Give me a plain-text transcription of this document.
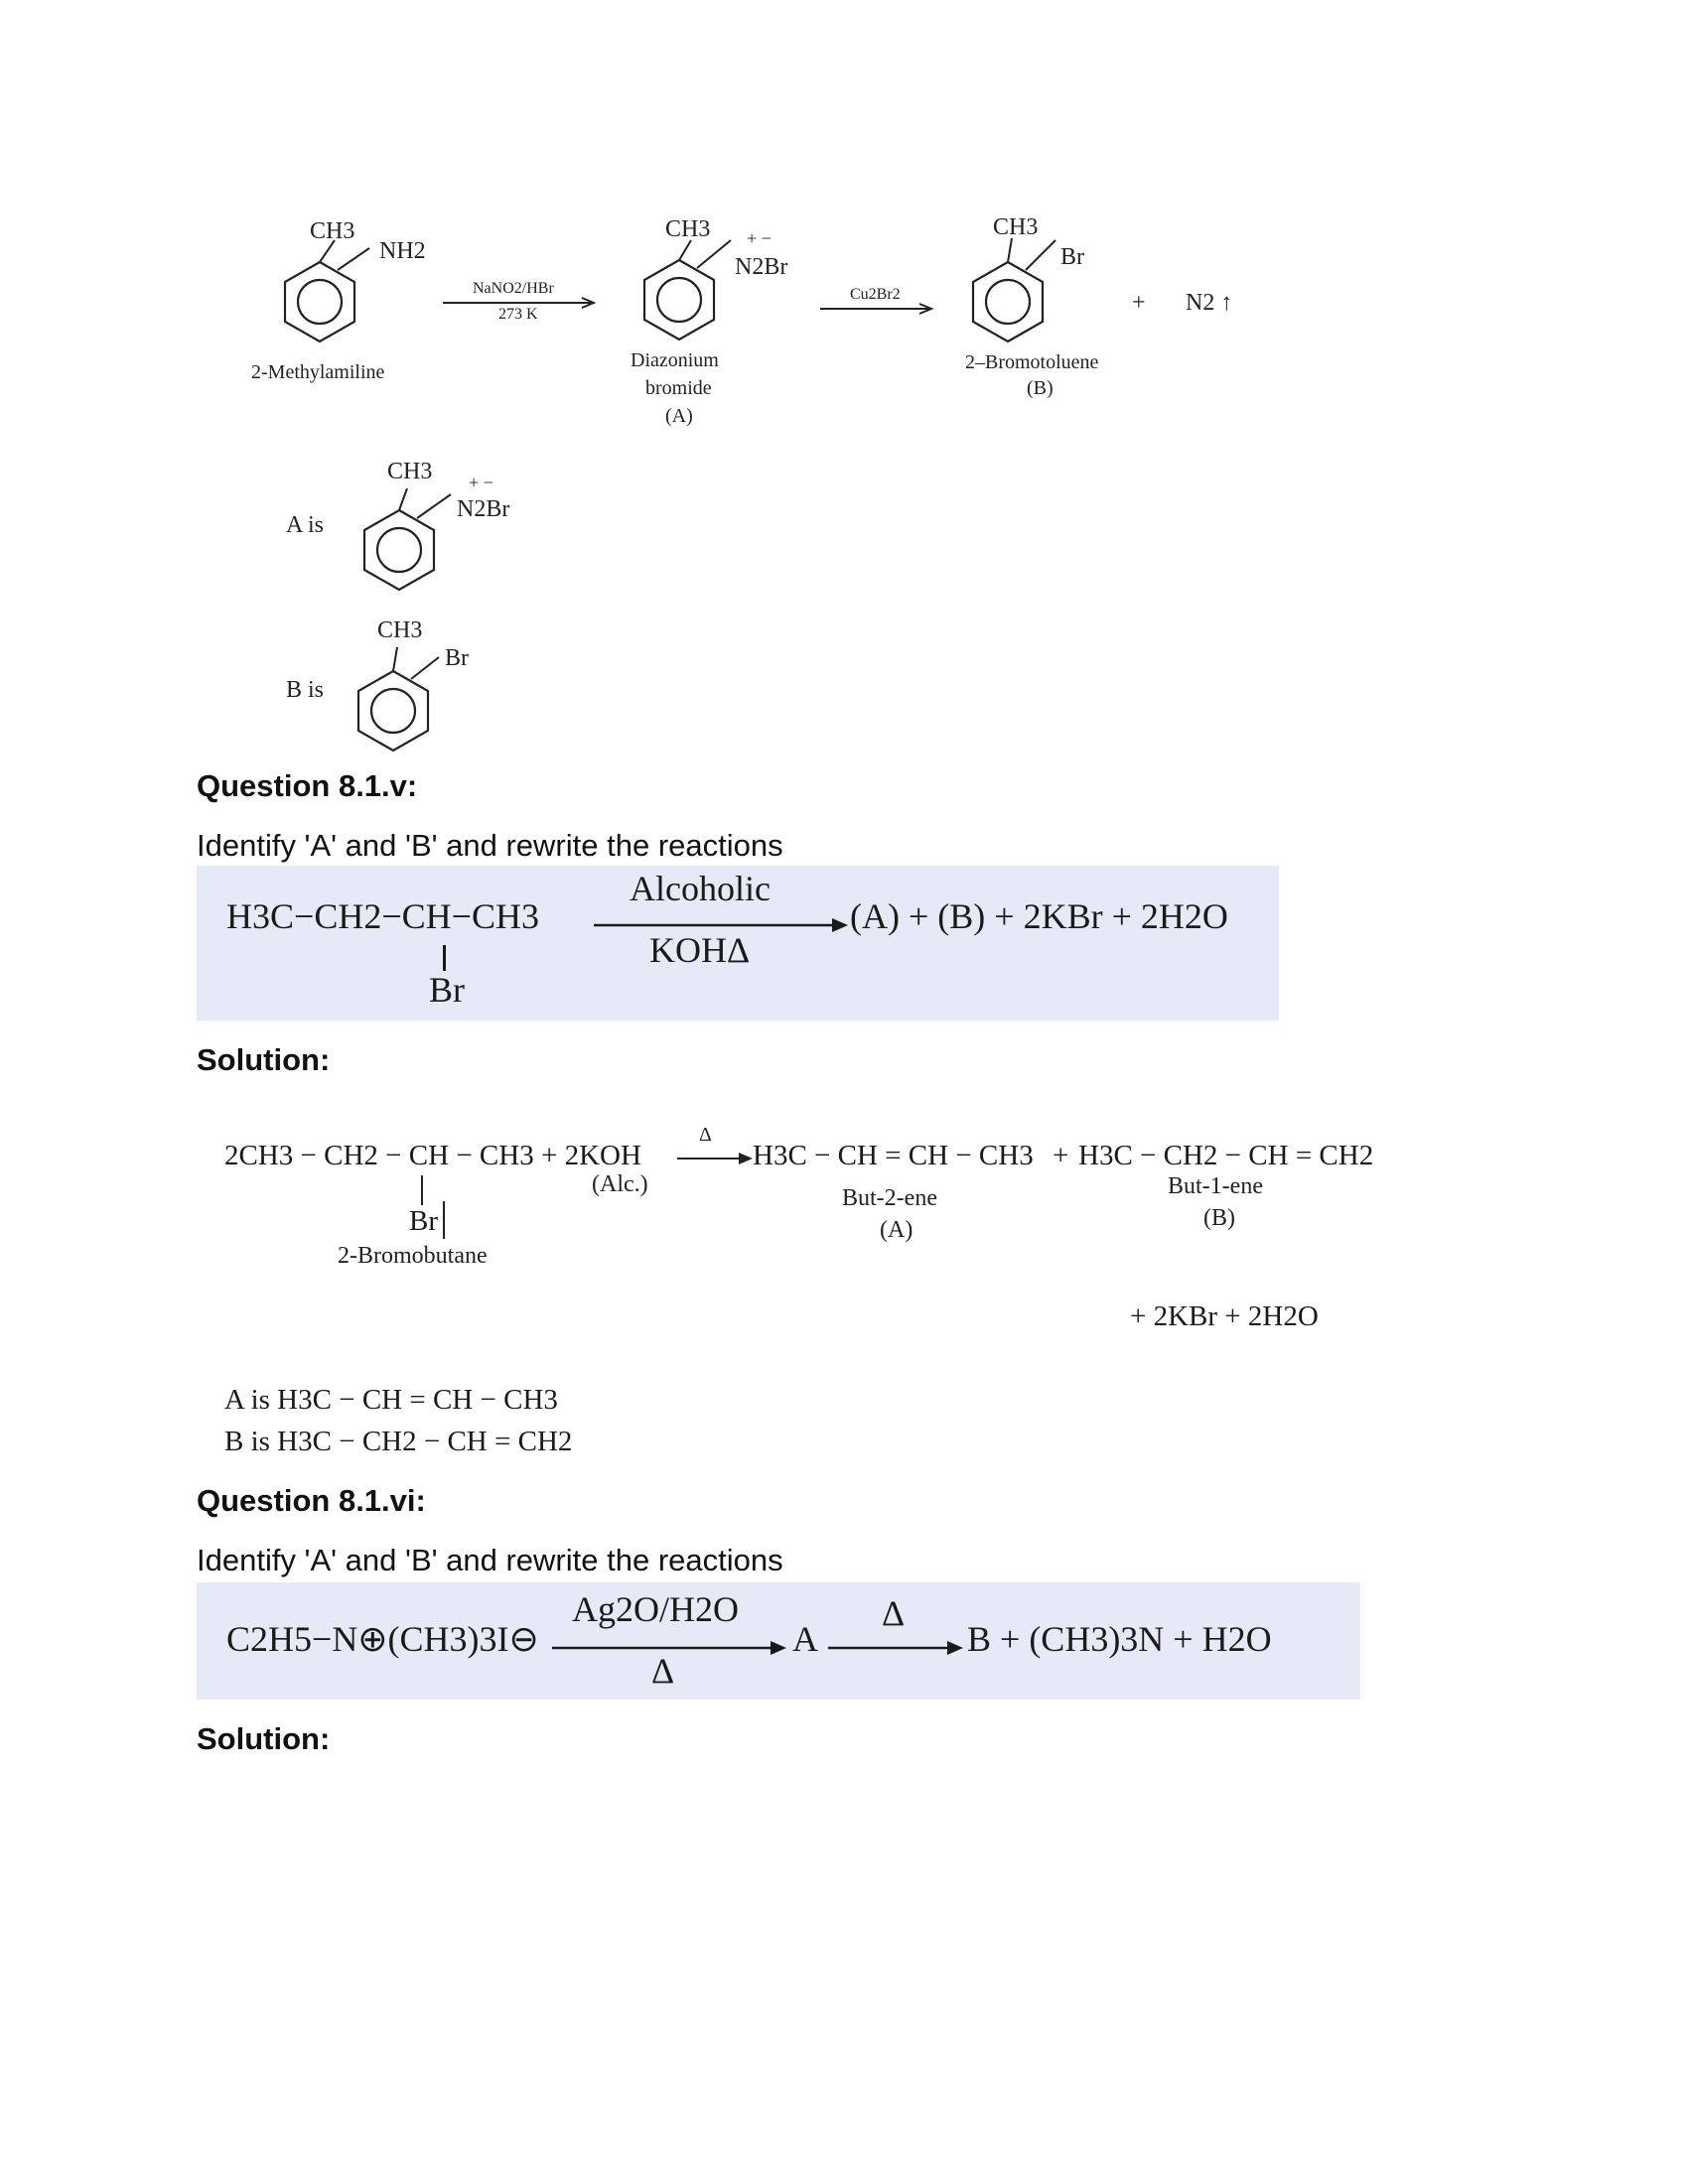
CH3
NH2
2-Methylamiline
NaNO2/HBr
273 K
CH3 + −
N2Br
Diazonium
bromide
(A)
Cu2Br2
CH3
Br
2–Bromotoluene
(B)
+ N2 ↑
A is
CH3 + −
N2Br
B is
CH3
Br
Question 8.1.v:
Identify 'A' and 'B' and rewrite the reactions
H3C−CH2−CH−CH3
Br
Alcoholic
KOHΔ
(A) + (B) + 2KBr + 2H2O
Solution:
2CH3 − CH2 − CH − CH3 + 2KOH
Br
2-Bromobutane
(Alc.)
Δ
H3C − CH = CH − CH3
But-2-ene
(A)
+ H3C − CH2 − CH = CH2
But-1-ene
(B)
+ 2KBr + 2H2O
A is H3C − CH = CH − CH3
B is H3C − CH2 − CH = CH2
Question 8.1.vi:
Identify 'A' and 'B' and rewrite the reactions
C2H5−N⊕(CH3)3I⊖
Ag2O/H2O
Δ
A
Δ
B + (CH3)3N + H2O
Solution:
